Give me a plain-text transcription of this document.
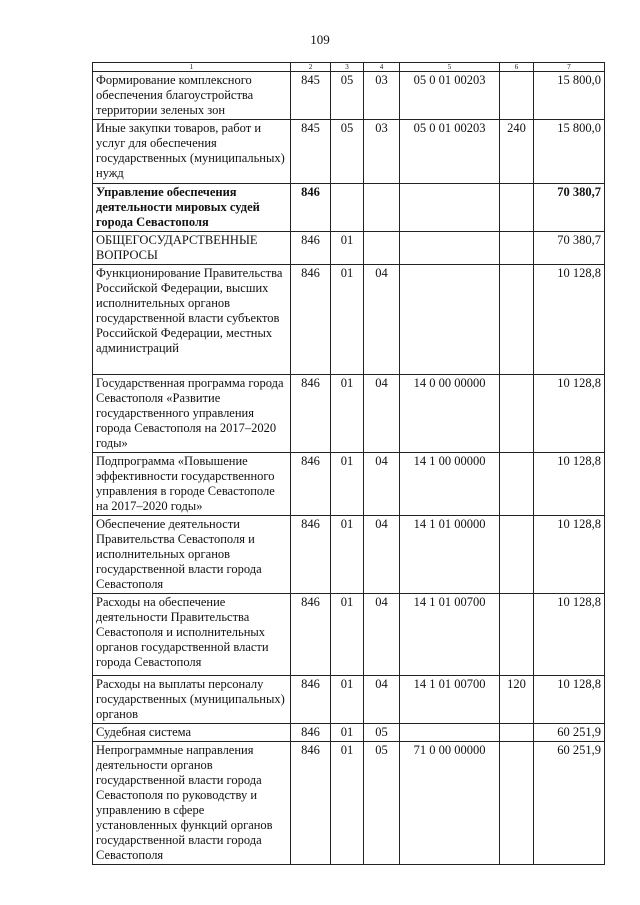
109
1	2	3	4	5	6	7
Формирование комплексного обеспечения благоустройства территории зеленых зон	845	05	03	05 0 01 00203		15 800,0
Иные закупки товаров, работ и услуг для обеспечения государственных (муниципальных) нужд	845	05	03	05 0 01 00203	240	15 800,0
Управление обеспечения деятельности мировых судей города Севастополя	846					70 380,7
ОБЩЕГОСУДАРСТВЕННЫЕ ВОПРОСЫ	846	01				70 380,7
Функционирование Правительства Российской Федерации, высших исполнительных органов государственной власти субъектов Российской Федерации, местных администраций	846	01	04			10 128,8
Государственная программа города Севастополя «Развитие государственного управления города Севастополя на 2017–2020 годы»	846	01	04	14 0 00 00000		10 128,8
Подпрограмма «Повышение эффективности государственного управления в городе Севастополе на 2017–2020 годы»	846	01	04	14 1 00 00000		10 128,8
Обеспечение деятельности Правительства Севастополя и исполнительных органов государственной власти города Севастополя	846	01	04	14 1 01 00000		10 128,8
Расходы на обеспечение деятельности Правительства Севастополя и исполнительных органов государственной власти города Севастополя	846	01	04	14 1 01 00700		10 128,8
Расходы на выплаты персоналу государственных (муниципальных) органов	846	01	04	14 1 01 00700	120	10 128,8
Судебная система	846	01	05			60 251,9
Непрограммные направления деятельности органов государственной власти города Севастополя по руководству и управлению в сфере установленных функций органов государственной власти города Севастополя	846	01	05	71 0 00 00000		60 251,9
